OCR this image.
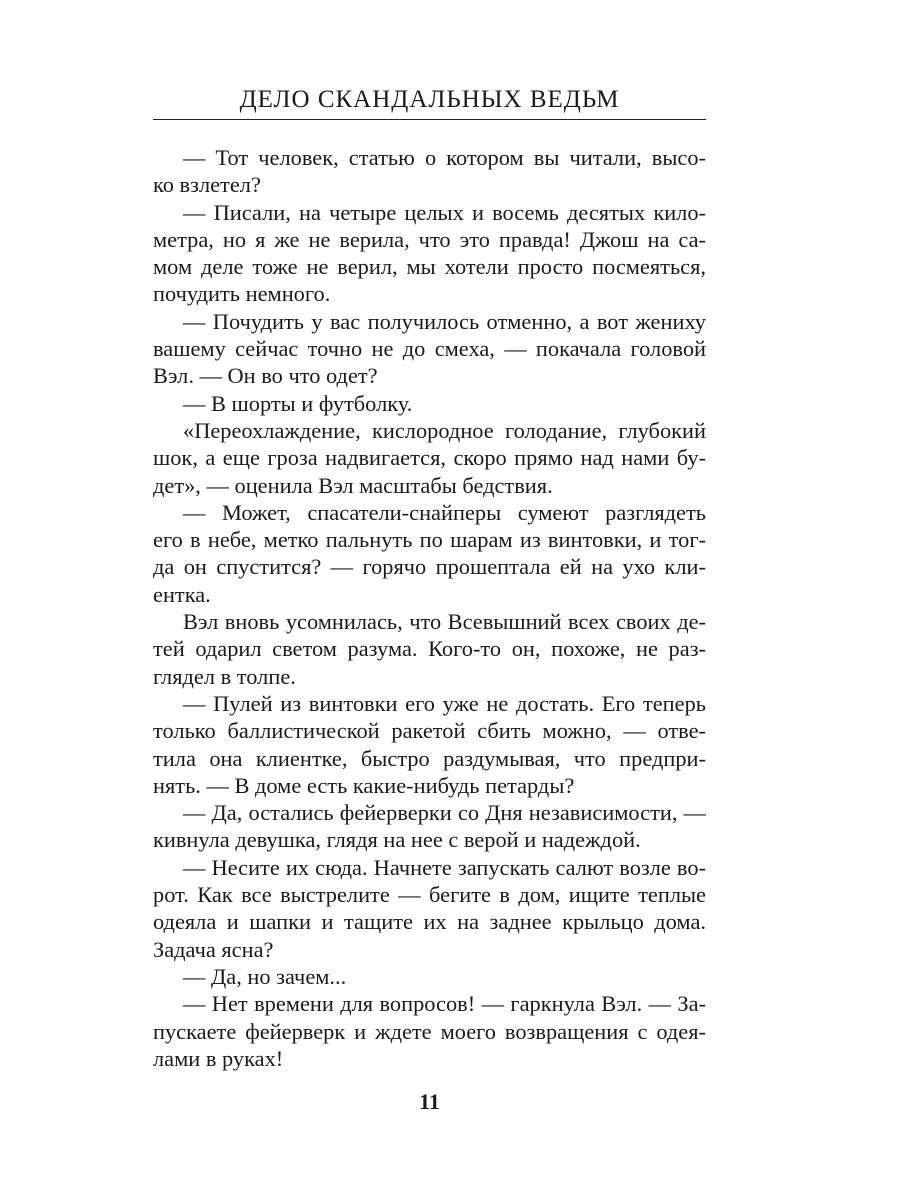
ДЕЛО СКАНДАЛЬНЫХ ВЕДЬМ
— Тот человек, статью о котором вы читали, высо-
ко взлетел?
— Писали, на четыре целых и восемь десятых кило-
метра, но я же не верила, что это правда! Джош на са-
мом деле тоже не верил, мы хотели просто посмеяться,
почудить немного.
— Почудить у вас получилось отменно, а вот жениху
вашему сейчас точно не до смеха, — покачала головой
Вэл. — Он во что одет?
— В шорты и футболку.
«Переохлаждение, кислородное голодание, глубокий
шок, а еще гроза надвигается, скоро прямо над нами бу-
дет», — оценила Вэл масштабы бедствия.
— Может, спасатели-снайперы сумеют разглядеть
его в небе, метко пальнуть по шарам из винтовки, и тог-
да он спустится? — горячо прошептала ей на ухо кли-
ентка.
Вэл вновь усомнилась, что Всевышний всех своих де-
тей одарил светом разума. Кого-то он, похоже, не раз-
глядел в толпе.
— Пулей из винтовки его уже не достать. Его теперь
только баллистической ракетой сбить можно, — отве-
тила она клиентке, быстро раздумывая, что предпри-
нять. — В доме есть какие-нибудь петарды?
— Да, остались фейерверки со Дня независимости, —
кивнула девушка, глядя на нее с верой и надеждой.
— Несите их сюда. Начнете запускать салют возле во-
рот. Как все выстрелите — бегите в дом, ищите теплые
одеяла и шапки и тащите их на заднее крыльцо дома.
Задача ясна?
— Да, но зачем...
— Нет времени для вопросов! — гаркнула Вэл. — За-
пускаете фейерверк и ждете моего возвращения с одея-
лами в руках!
11
